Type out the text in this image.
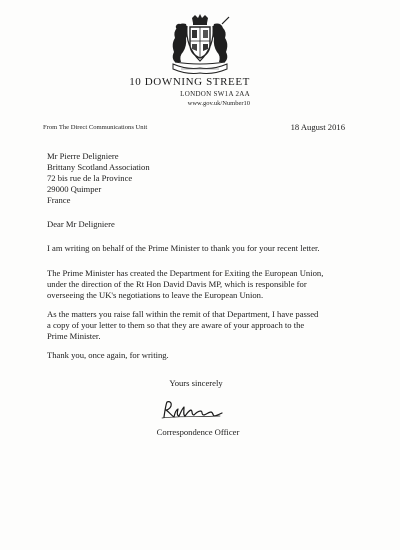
10 DOWNING STREET
LONDON SW1A 2AA
www.gov.uk/Number10
From The Direct Communications Unit	18 August 2016
Mr Pierre Deligniere
Brittany Scotland Association
72 bis rue de la Province
29000 Quimper
France
Dear Mr Deligniere
I am writing on behalf of the Prime Minister to thank you for your recent letter.
The Prime Minister has created the Department for Exiting the European Union,
under the direction of the Rt Hon David Davis MP, which is responsible for
overseeing the UK's negotiations to leave the European Union.
As the matters you raise fall within the remit of that Department, I have passed
a copy of your letter to them so that they are aware of your approach to the
Prime Minister.
Thank you, once again, for writing.
Yours sincerely
Correspondence Officer
